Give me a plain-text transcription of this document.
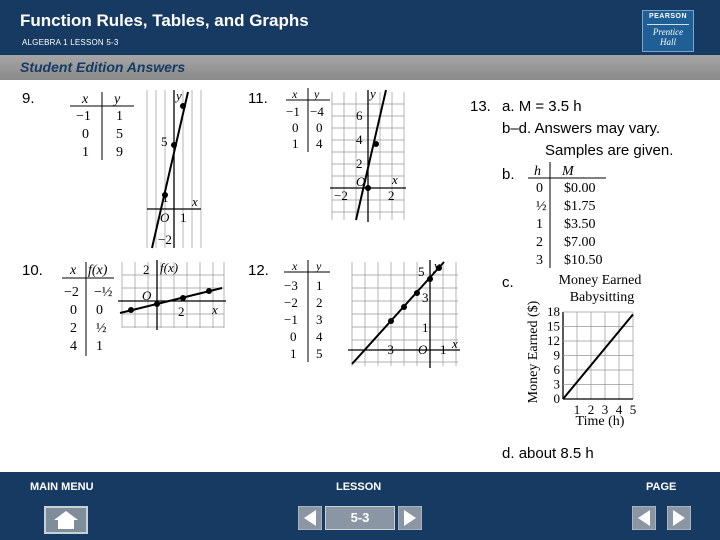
Function Rules, Tables, and Graphs
ALGEBRA 1 LESSON 5-3
PEARSON
Prentice
Hall
Student Edition Answers
9.	x y
−1 1
0 5
1 9
y
5
1
O 1
x
−2
10. x f(x)
−2 −½
0 0
2 ½
4 1
2 f(x)
O
2 x
11. x y
−1 −4
0 0
1 4
y
6
4
2
O x
−2	2
12. x y
−3 1
−2 2
−1 3
0 4
1 5
5 y
3
1
−3 O 1 x
13. a. M = 3.5 h
b–d. Answers may vary.
Samples are given.
b. h M
0 $0.00
½ $1.75
1 $3.50
2 $7.00
3 $10.50
c.	Money Earned
Babysitting
Money Earned ($)
Time (h)
0
3
6
9
12
15
18
1 2 3 4 5
d. about 8.5 h
MAIN MENU	LESSON	PAGE
5-3
